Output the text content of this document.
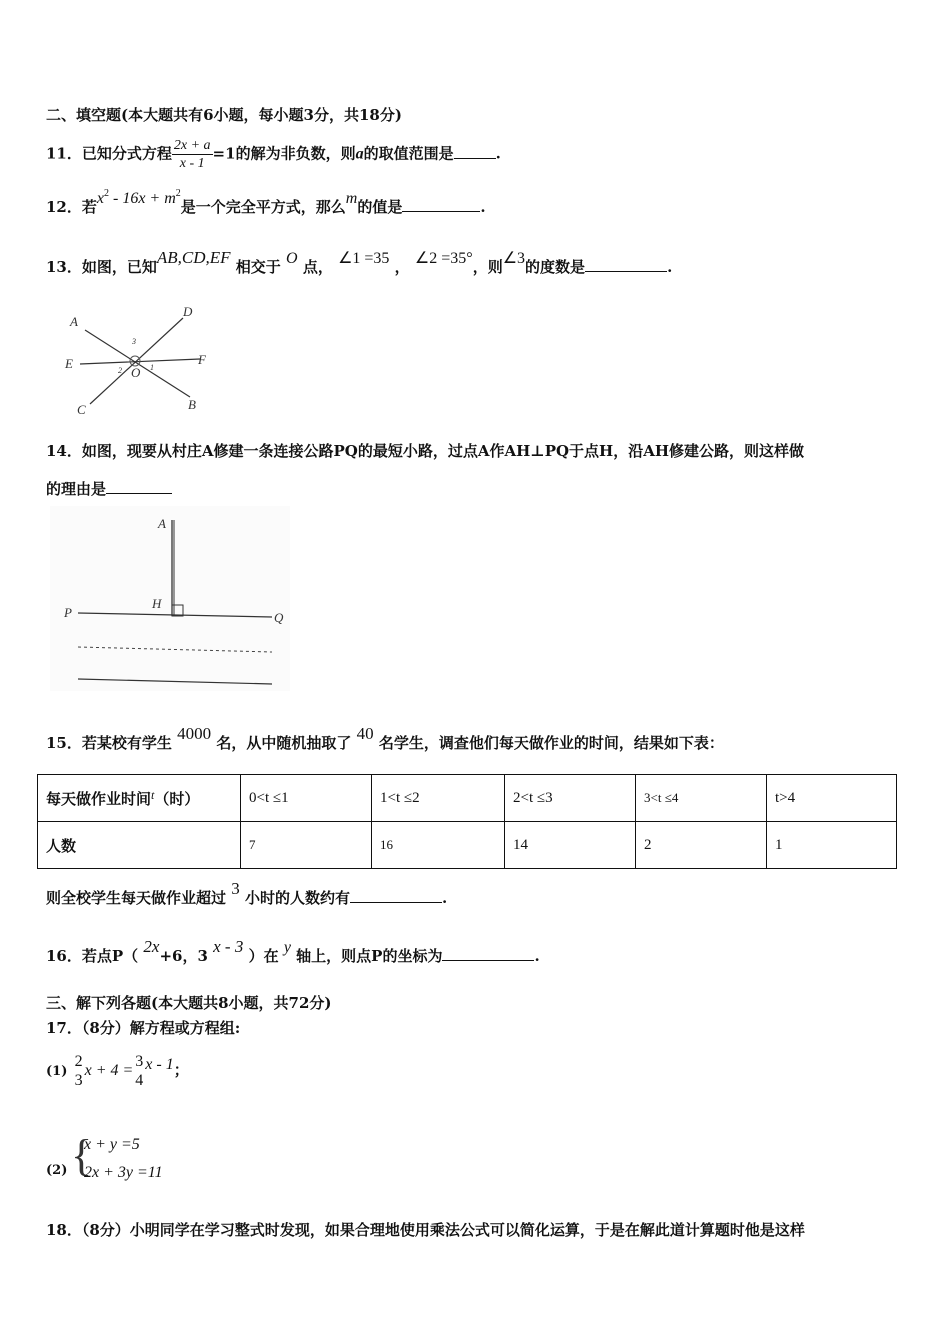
二、填空题(本大题共有6小题，每小题3分，共18分)
11．已知分式方程 $\frac{2x + a}{x - 1} =1$的解为非负数，则a的取值范围是	.
12．若$x^2 - 16x + m^2$是一个完全平方式，那么m的值是	.
13．如图，已知AB,CD,EF 相交于 O 点， ∠1 =35 ， ∠2 =35°，则∠3的度数是	.
A
D
E	F
C	B
O
3
2	1
14．如图，现要从村庄A修建一条连接公路PQ的最短小路，过点A作AH⊥PQ于点H，沿AH修建公路，则这样做
的理由是
A
H
P	Q
15．若某校有学生 4000 名，从中随机抽取了 40 名学生，调查他们每天做作业的时间，结果如下表：
每天做作业时间$^t$（时）	0<t ≤1	1<t ≤2	2<t ≤3	3<t ≤4	t>4
人数	7	16	14	2	1
则全校学生每天做作业超过 3 小时的人数约有	.
16．若点P（ 2x+6，3 x - 3 ）在 y 轴上，则点P的坐标为	.
三、解下列各题(本大题共8小题，共72分)
17．（8分）解方程或方程组:
(1)
2
3
x + 4 =
3
4
x - 1；
(2) {
x + y =5
2x + 3y =11
18．（8分）小明同学在学习整式时发现，如果合理地使用乘法公式可以简化运算，于是在解此道计算题时他是这样
